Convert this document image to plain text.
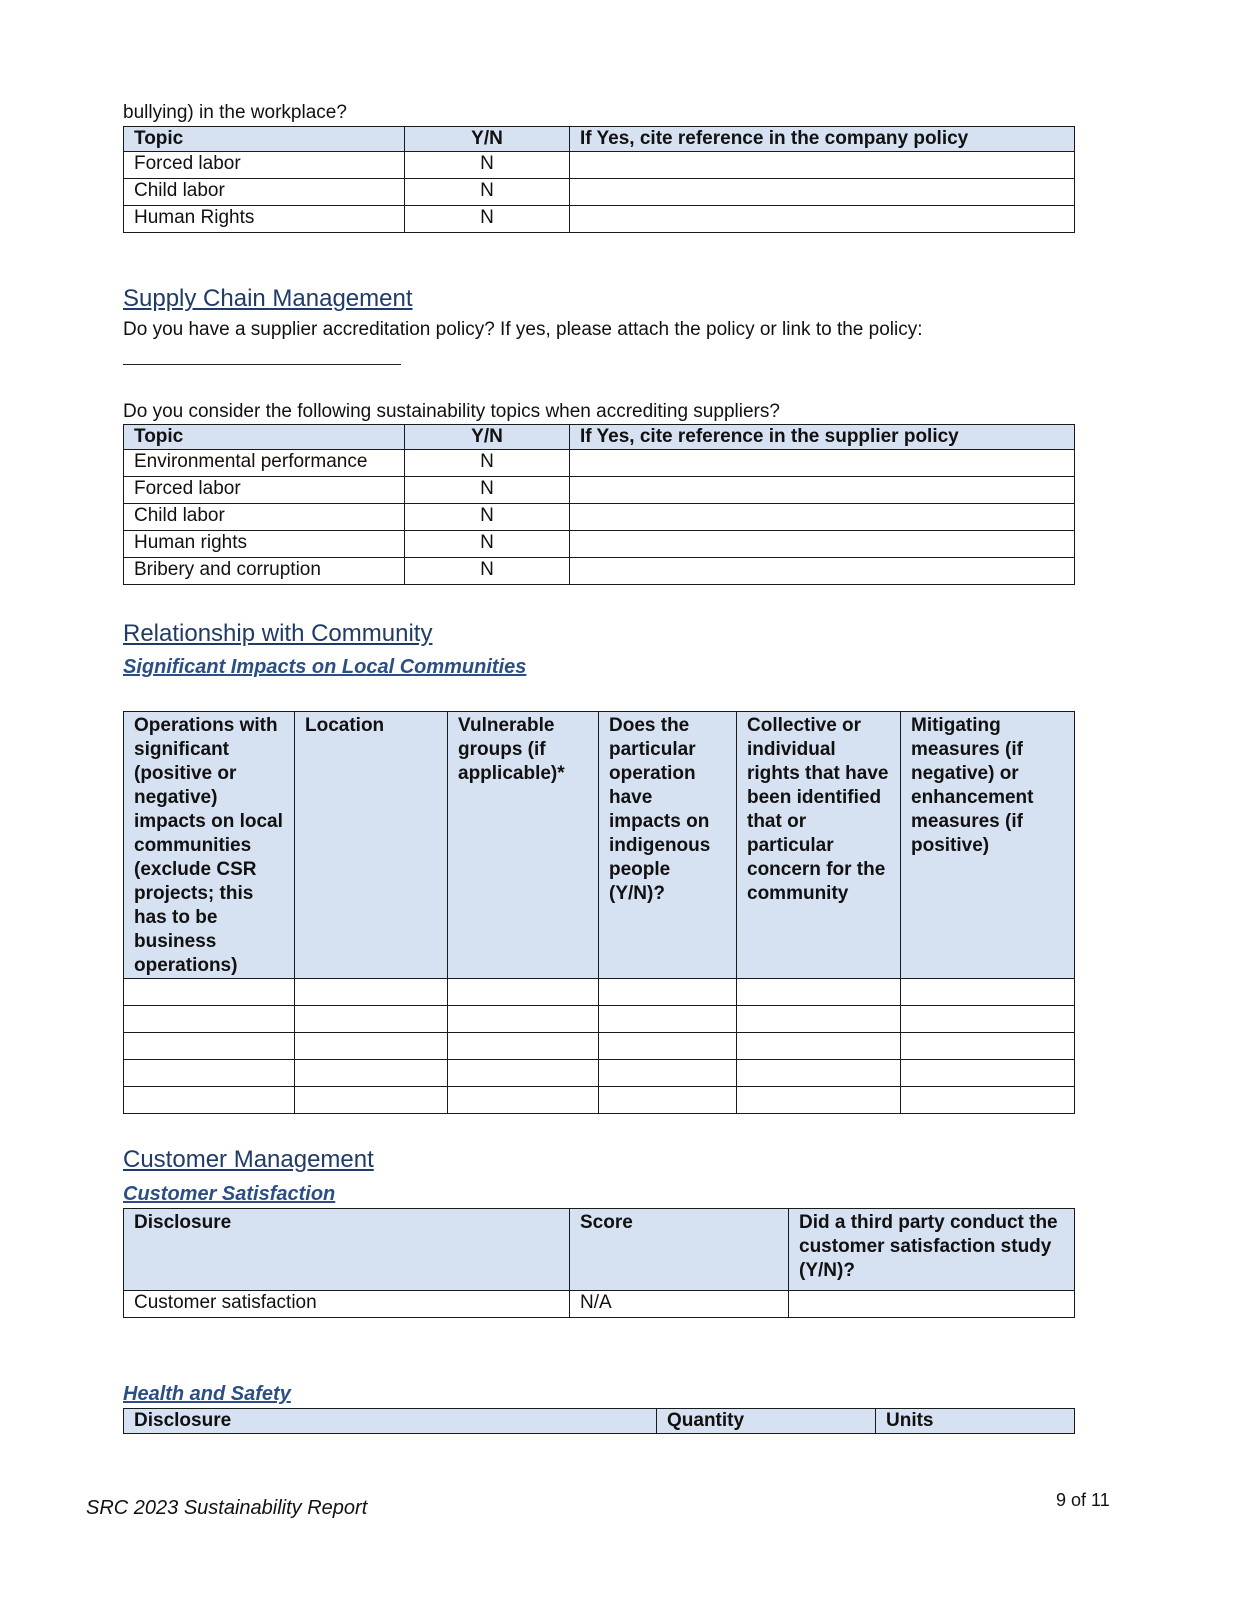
bullying) in the workplace?

Topic	Y/N	If Yes, cite reference in the company policy
Forced labor	N	
Child labor	N	
Human Rights	N	
Supply Chain Management

Do you have a supplier accreditation policy? If yes, please attach the policy or link to the policy:

Do you consider the following sustainability topics when accrediting suppliers?

Topic	Y/N	If Yes, cite reference in the supplier policy
Environmental performance	N	
Forced labor	N	
Child labor	N	
Human rights	N	
Bribery and corruption	N	
Relationship with Community
Significant Impacts on Local Communities
Operations with significant (positive or negative) impacts on local communities (exclude CSR projects; this has to be business operations)	Location	Vulnerable groups (if applicable)*	Does the particular operation have impacts on indigenous people (Y/N)?	Collective or individual rights that have been identified that or particular concern for the community	Mitigating measures (if negative) or enhancement measures (if positive)

Customer Management
Customer Satisfaction
Disclosure	Score	Did a third party conduct the customer satisfaction study (Y/N)?
Customer satisfaction	N/A	
Health and Safety
Disclosure	Quantity	Units
SRC 2023 Sustainability Report	9 of 11
